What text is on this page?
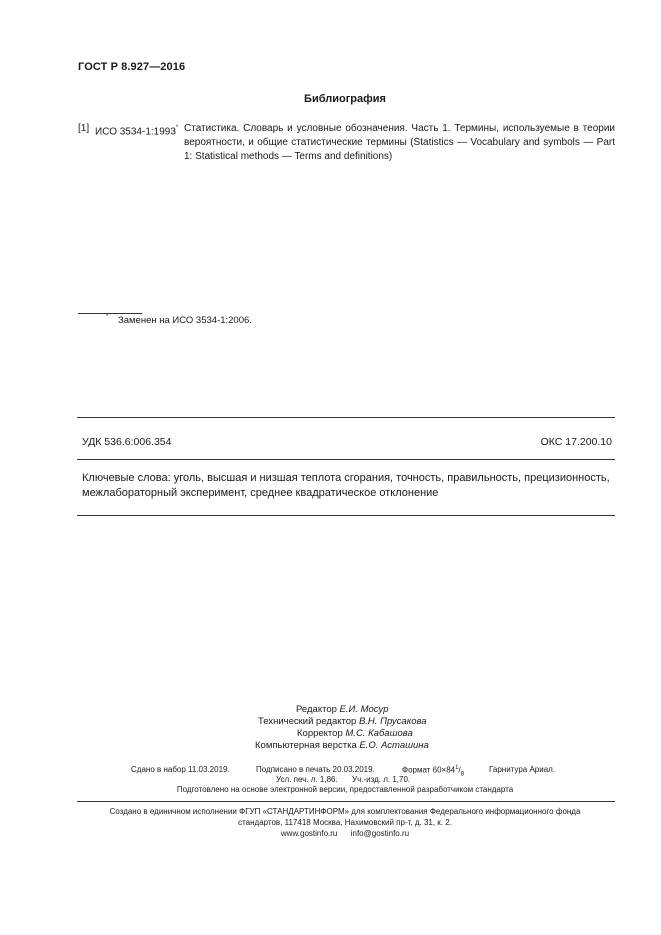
ГОСТ Р 8.927—2016
Библиография
[1] ИСО 3534-1:1993* Статистика. Словарь и условные обозначения. Часть 1. Термины, используемые в теории вероятности, и общие статистические термины (Statistics — Vocabulary and symbols — Part 1: Statistical methods — Terms and definitions)
* Заменен на ИСО 3534-1:2006.
УДК 536.6:006.354	ОКС 17.200.10
Ключевые слова: уголь, высшая и низшая теплота сгорания, точность, правильность, прецизионность, межлабораторный эксперимент, среднее квадратическое отклонение
Редактор Е.И. Мосур
Технический редактор В.Н. Прусакова
Корректор М.С. Кабашова
Компьютерная верстка Е.О. Асташина
Сдано в набор 11.03.2019.	Подписано в печать 20.03.2019.	Формат $60\times 84^1/_8$
Гарнитура Ариал.
Усл. печ. л. 1,86. Уч.-изд. л. 1,70.
Подготовлено на основе электронной версии, предоставленной разработчиком стандарта
Создано в единичном исполнении ФГУП «СТАНДАРТИНФОРМ» для комплектования Федерального информационного фонда
стандартов, 117418 Москва, Нахимовский пр-т, д. 31, к. 2.
www.gostinfo.ru info@gostinfo.ru
